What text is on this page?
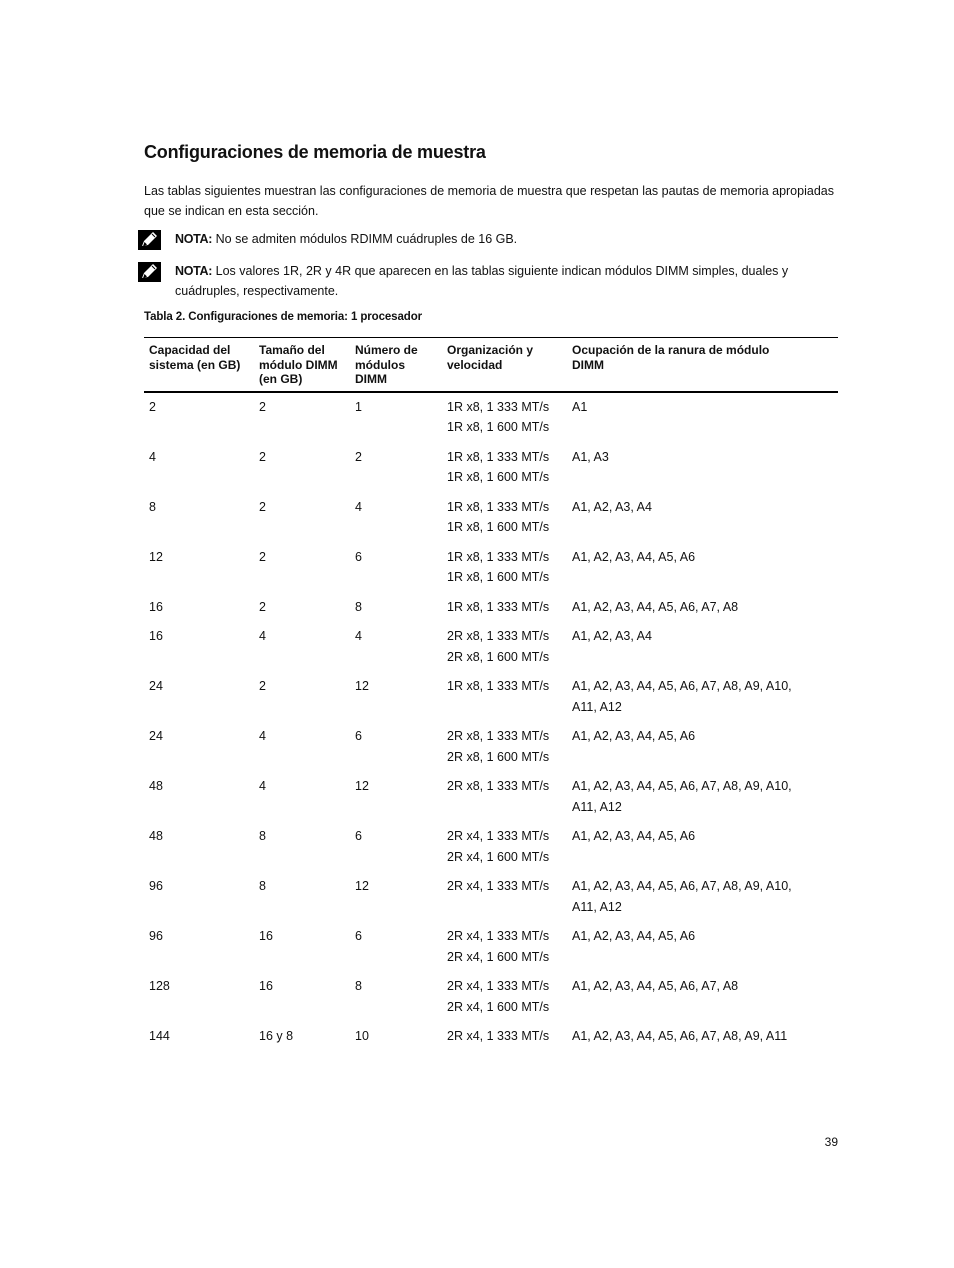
Configuraciones de memoria de muestra

Las tablas siguientes muestran las configuraciones de memoria de muestra que respetan las pautas de memoria apropiadas que se indican en esta sección.

NOTA: No se admiten módulos RDIMM cuádruples de 16 GB.
NOTA: Los valores 1R, 2R y 4R que aparecen en las tablas siguiente indican módulos DIMM simples, duales y cuádruples, respectivamente.
Tabla 2. Configuraciones de memoria: 1 procesador
Capacidad del
sistema (en GB)	Tamaño del
módulo DIMM
(en GB)	Número de
módulos DIMM	Organización y
velocidad	Ocupación de la ranura de módulo
DIMM

2	2	1	1R x8, 1 333 MT/s
1R x8, 1 600 MT/s	A1

4	2	2	1R x8, 1 333 MT/s
1R x8, 1 600 MT/s	A1, A3

8	2	4	1R x8, 1 333 MT/s
1R x8, 1 600 MT/s	A1, A2, A3, A4

12	2	6	1R x8, 1 333 MT/s
1R x8, 1 600 MT/s	A1, A2, A3, A4, A5, A6

16	2	8	1R x8, 1 333 MT/s	A1, A2, A3, A4, A5, A6, A7, A8

16	4	4	2R x8, 1 333 MT/s
2R x8, 1 600 MT/s	A1, A2, A3, A4

24	2	12	1R x8, 1 333 MT/s	A1, A2, A3, A4, A5, A6, A7, A8, A9, A10,
A11, A12

24	4	6	2R x8, 1 333 MT/s
2R x8, 1 600 MT/s	A1, A2, A3, A4, A5, A6

48	4	12	2R x8, 1 333 MT/s	A1, A2, A3, A4, A5, A6, A7, A8, A9, A10,
A11, A12

48	8	6	2R x4, 1 333 MT/s
2R x4, 1 600 MT/s	A1, A2, A3, A4, A5, A6

96	8	12	2R x4, 1 333 MT/s	A1, A2, A3, A4, A5, A6, A7, A8, A9, A10,
A11, A12

96	16	6	2R x4, 1 333 MT/s
2R x4, 1 600 MT/s	A1, A2, A3, A4, A5, A6

128	16	8	2R x4, 1 333 MT/s
2R x4, 1 600 MT/s	A1, A2, A3, A4, A5, A6, A7, A8

144	16 y 8	10	2R x4, 1 333 MT/s	A1, A2, A3, A4, A5, A6, A7, A8, A9, A11
39
